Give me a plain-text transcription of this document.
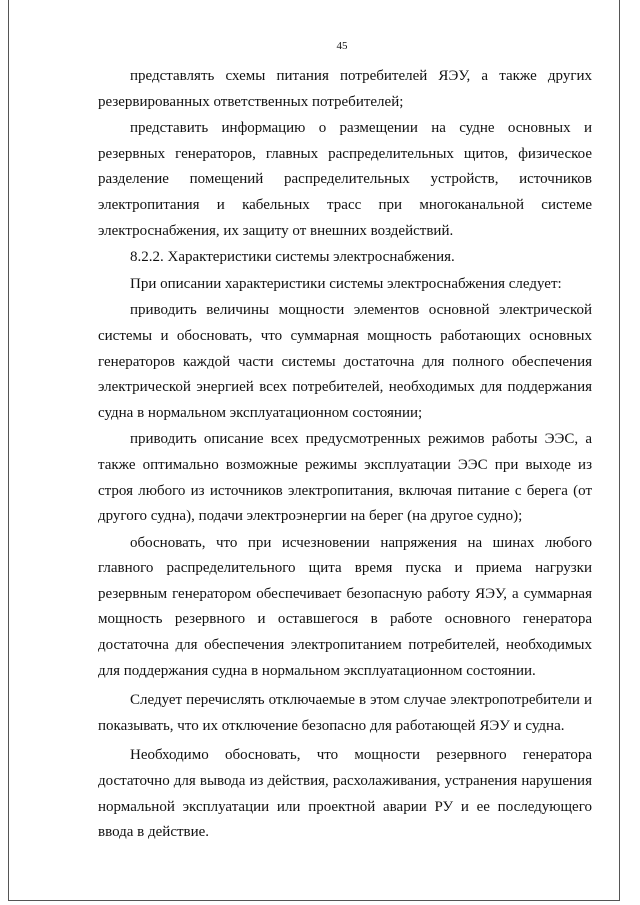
45

представлять схемы питания потребителей ЯЭУ, а также других резервированных ответственных потребителей;

представить информацию о размещении на судне основных и резервных генераторов, главных распределительных щитов, физическое разделение помещений распределительных устройств, источников электропитания и кабельных трасс при многоканальной системе электроснабжения, их защиту от внешних воздействий.

8.2.2. Характеристики системы электроснабжения.

При описании характеристики системы электроснабжения следует:

приводить величины мощности элементов основной электрической системы и обосновать, что суммарная мощность работающих основных генераторов каждой части системы достаточна для полного обеспечения электрической энергией всех потребителей, необходимых для поддержания судна в нормальном эксплуатационном состоянии;

приводить описание всех предусмотренных режимов работы ЭЭС, а также оптимально возможные режимы эксплуатации ЭЭС при выходе из строя любого из источников электропитания, включая питание с берега (от другого судна), подачи электроэнергии на берег (на другое судно);

обосновать, что при исчезновении напряжения на шинах любого главного распределительного щита время пуска и приема нагрузки резервным генератором обеспечивает безопасную работу ЯЭУ, а суммарная мощность резервного и оставшегося в работе основного генератора достаточна для обеспечения электропитанием потребителей, необходимых для поддержания судна в нормальном эксплуатационном состоянии.

Следует перечислять отключаемые в этом случае электропотребители и показывать, что их отключение безопасно для работающей ЯЭУ и судна.

Необходимо обосновать, что мощности резервного генератора достаточно для вывода из действия, расхолаживания, устранения нарушения нормальной эксплуатации или проектной аварии РУ и ее последующего ввода в действие.
